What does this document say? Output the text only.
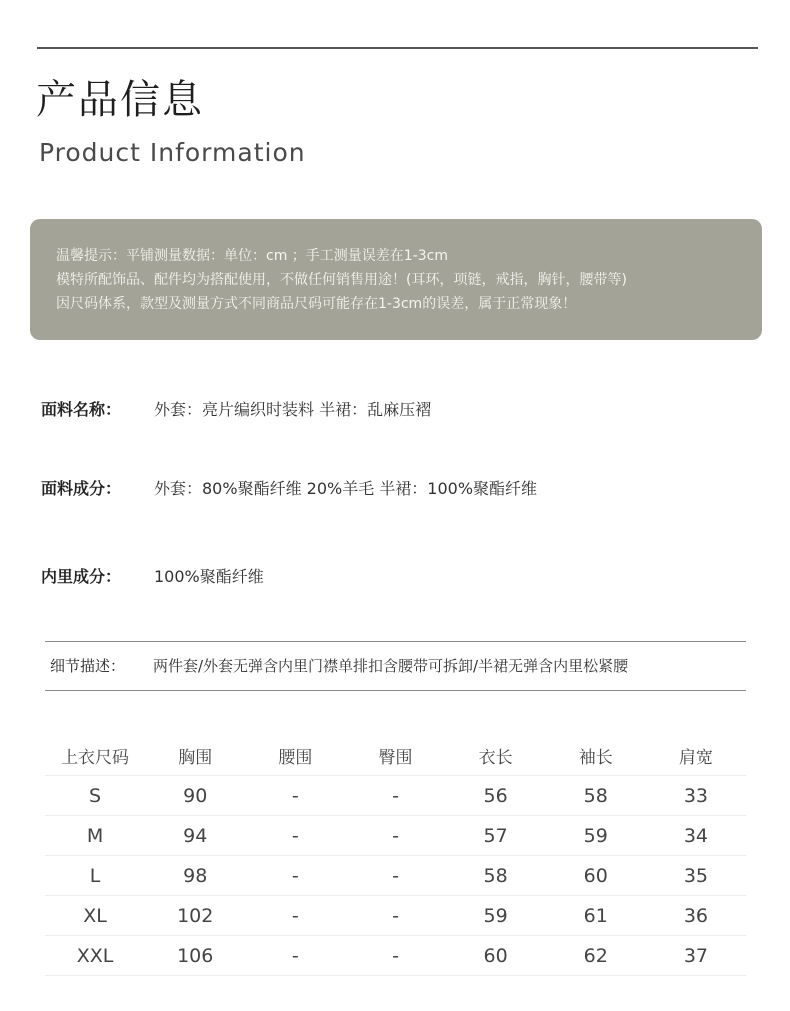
产品信息
Product Information
温馨提示：平铺测量数据：单位：cm ；手工测量误差在1-3cm
模特所配饰品、配件均为搭配使用，不做任何销售用途！(耳环，项链，戒指，胸针，腰带等)
因尺码体系，款型及测量方式不同商品尺码可能存在1-3cm的误差，属于正常现象！
面料名称： 外套：亮片编织时装料 半裙：乱麻压褶
面料成分： 外套：80%聚酯纤维 20%羊毛 半裙：100%聚酯纤维
内里成分： 100%聚酯纤维
细节描述： 两件套/外套无弹含内里门襟单排扣含腰带可拆卸/半裙无弹含内里松紧腰
上衣尺码	胸围	腰围	臀围	衣长	袖长	肩宽
S	90	-	-	56	58	33
M	94	-	-	57	59	34
L	98	-	-	58	60	35
XL	102	-	-	59	61	36
XXL	106	-	-	60	62	37
